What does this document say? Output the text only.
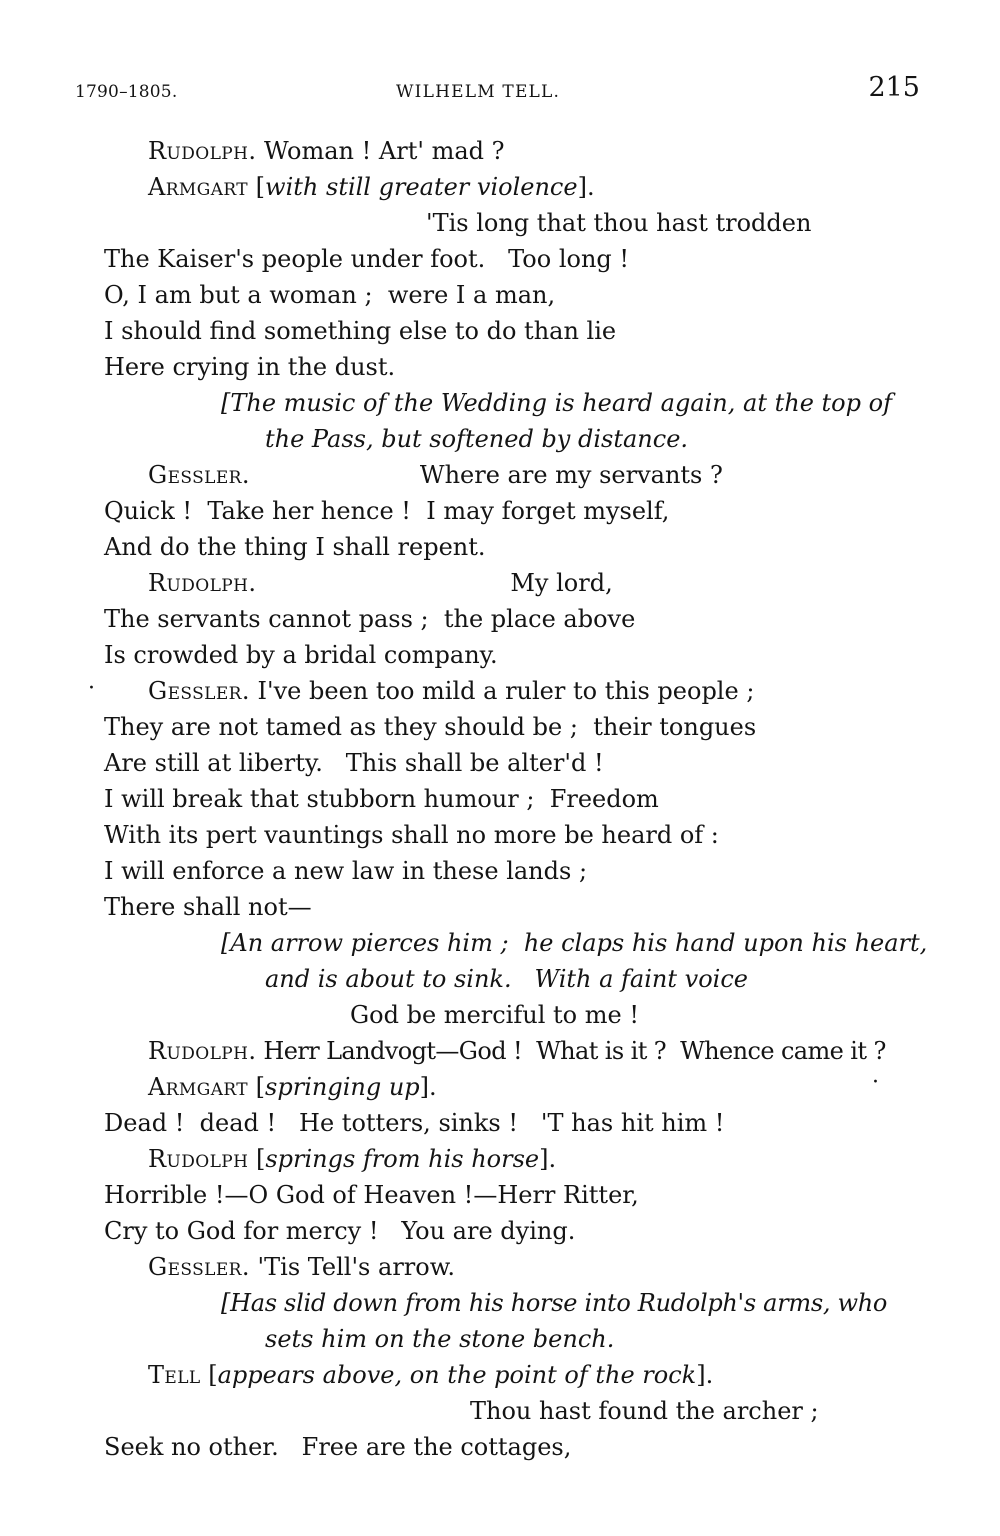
1790–1805.	WILHELM TELL.	215
Rudolph. Woman ! Art' mad ?
Armgart [with still greater violence].
'Tis long that thou hast trodden
The Kaiser's people under foot.   Too long !
O, I am but a woman ;  were I a man,
I should find something else to do than lie
Here crying in the dust.
[The music of the Wedding is heard again, at the top of
the Pass, but softened by distance.
Gessler.	Where are my servants ?
Quick !  Take her hence !  I may forget myself,
And do the thing I shall repent.
Rudolph.	My lord,
The servants cannot pass ;  the place above
Is crowded by a bridal company.
· Gessler. I've been too mild a ruler to this people ;
They are not tamed as they should be ;  their tongues
Are still at liberty.   This shall be alter'd !
I will break that stubborn humour ;  Freedom
With its pert vauntings shall no more be heard of :
I will enforce a new law in these lands ;
There shall not—
[An arrow pierces him ;  he claps his hand upon his heart,
and is about to sink.   With a faint voice
God be merciful to me !
Rudolph. Herr Landvogt—God !  What is it ?  Whence came it ?
Armgart [springing up].	·
Dead !  dead !   He totters, sinks !   'T has hit him !
Rudolph [springs from his horse].
Horrible !—O God of Heaven !—Herr Ritter,
Cry to God for mercy !   You are dying.
Gessler. 'Tis Tell's arrow.
[Has slid down from his horse into Rudolph's arms, who
sets him on the stone bench.
Tell [appears above, on the point of the rock].
Thou hast found the archer ;
Seek no other.   Free are the cottages,
